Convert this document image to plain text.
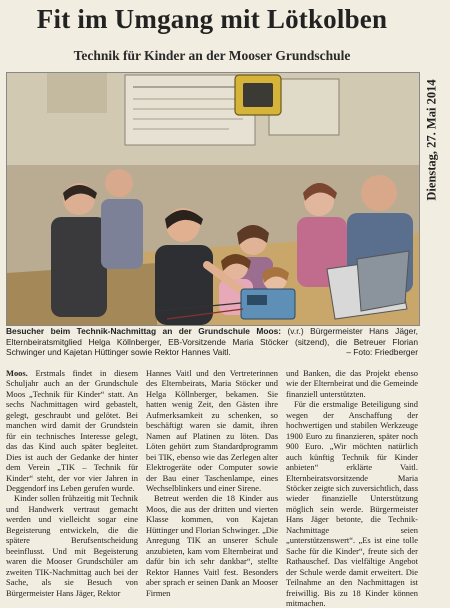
Fit im Umgang mit Lötkolben
Technik für Kinder an der Mooser Grundschule
Dienstag, 27. Mai 2014
Besucher beim Technik-Nachmittag an der Grundschule Moos: (v.r.) Bürgermeister Hans Jäger, Elternbeiratsmitglied Helga Köllnberger, EB-Vorsitzende Maria Stöcker (sitzend), die Betreuer Florian Schwinger und Kajetan Hüttinger sowie Rektor Hannes Vaitl.	– Foto: Friedberger

Moos. Erstmals findet in diesem Schuljahr auch an der Grundschule Moos „Technik für Kinder“ statt. An sechs Nachmittagen wird gebastelt, gelegt, geschraubt und gelötet. Bei manchen wird damit der Grundstein für ein technisches Interesse gelegt, das das Kind auch später begleitet. Dies ist auch der Gedanke der hinter dem Verein „TIK – Technik für Kinder“ steht, der vor vier Jahren in Deggendorf ins Leben gerufen wurde.

Kinder sollen frühzeitig mit Technik und Handwerk vertraut gemacht werden und vielleicht sogar eine Begeisterung entwickeln, die die spätere Berufsentscheidung beeinflusst. Und mit Begeisterung waren die Mooser Grundschüler am zweiten TIK-Nachmittag auch bei der Sache, als sie Besuch von Bürgermeister Hans Jäger, Rektor

Hannes Vaitl und den Vertreterinnen des Elternbeirats, Maria Stöcker und Helga Köllnberger, bekamen. Sie hatten wenig Zeit, den Gästen ihre Aufmerksamkeit zu schenken, so beschäftigt waren sie damit, ihren Namen auf Platinen zu löten. Das Löten gehört zum Standardprogramm bei TIK, ebenso wie das Zerlegen alter Elektrogeräte oder Computer sowie der Bau einer Taschenlampe, eines Wechselblinkers und einer Sirene.

Betreut werden die 18 Kinder aus Moos, die aus der dritten und vierten Klasse kommen, von Kajetan Hüttinger und Florian Schwinger. „Die Anregung TIK an unserer Schule anzubieten, kam vom Elternbeirat und dafür bin ich sehr dankbar“, stellte Rektor Hannes Vaitl fest. Besonders aber sprach er seinen Dank an Mooser Firmen

und Banken, die das Projekt ebenso wie der Elternbeirat und die Gemeinde finanziell unterstützten.

Für die erstmalige Beteiligung sind wegen der Anschaffung der hochwertigen und stabilen Werkzeuge 1900 Euro zu finanzieren, später noch 900 Euro. „Wir möchten natürlich auch künftig Technik für Kinder anbieten“ erklärte Vaitl. Elternbeiratsvorsitzende Maria Stöcker zeigte sich zuversichtlich, dass wieder finanzielle Unterstützung möglich sein werde. Bürgermeister Hans Jäger betonte, die Technik-Nachmittage seien „unterstützenswert“. „Es ist eine tolle Sache für die Kinder“, freute sich der Rathauschef. Das vielfältige Angebot der Schule werde damit erweitert. Die Teilnahme an den Nachmittagen ist freiwillig. Bis zu 18 Kinder können mitmachen.
